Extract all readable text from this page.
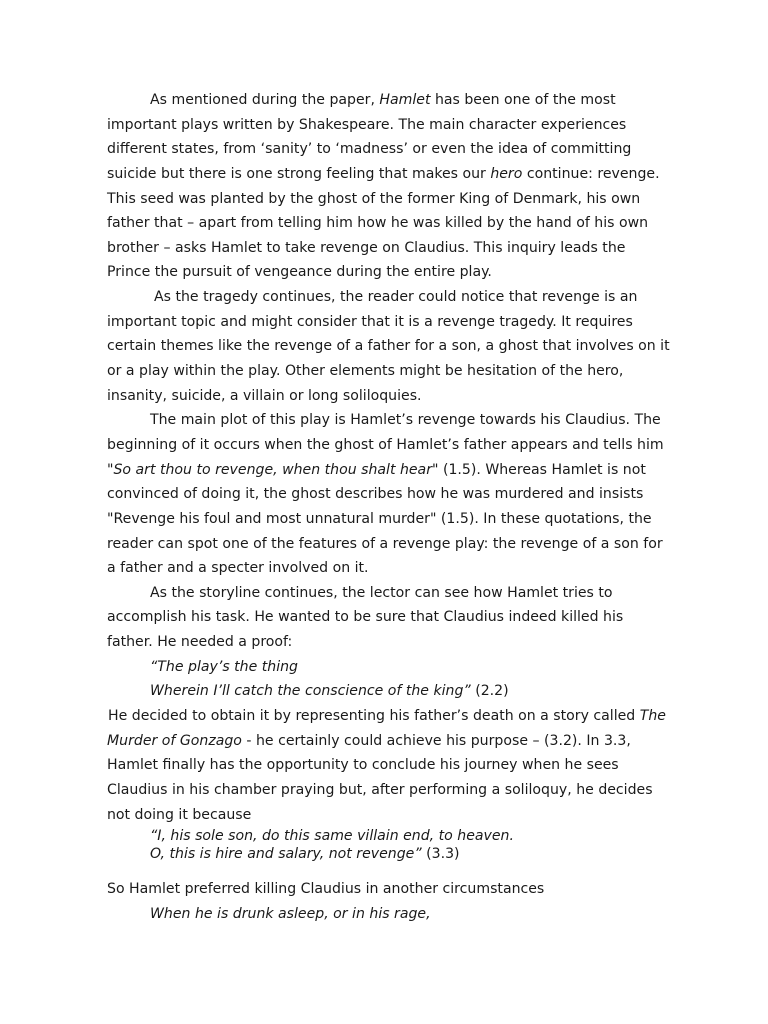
As mentioned during the paper, Hamlet has been one of the most
important plays written by Shakespeare. The main character experiences
different states, from ‘sanity’ to ‘madness’ or even the idea of committing
suicide but there is one strong feeling that makes our hero continue: revenge.
This seed was planted by the ghost of the former King of Denmark, his own
father that – apart from telling him how he was killed by the hand of his own
brother – asks Hamlet to take revenge on Claudius. This inquiry leads the
Prince the pursuit of vengeance during the entire play.
As the tragedy continues, the reader could notice that revenge is an
important topic and might consider that it is a revenge tragedy. It requires
certain themes like the revenge of a father for a son, a ghost that involves on it
or a play within the play. Other elements might be hesitation of the hero,
insanity, suicide, a villain or long soliloquies.
The main plot of this play is Hamlet’s revenge towards his Claudius. The
beginning of it occurs when the ghost of Hamlet’s father appears and tells him
"So art thou to revenge, when thou shalt hear" (1.5). Whereas Hamlet is not
convinced of doing it, the ghost describes how he was murdered and insists
"Revenge his foul and most unnatural murder" (1.5). In these quotations, the
reader can spot one of the features of a revenge play: the revenge of a son for
a father and a specter involved on it.
As the storyline continues, the lector can see how Hamlet tries to
accomplish his task. He wanted to be sure that Claudius indeed killed his
father. He needed a proof:
“The play’s the thing
Wherein I’ll catch the conscience of the king” (2.2)
He decided to obtain it by representing his father’s death on a story called The
Murder of Gonzago - he certainly could achieve his purpose – (3.2). In 3.3,
Hamlet finally has the opportunity to conclude his journey when he sees
Claudius in his chamber praying but, after performing a soliloquy, he decides
not doing it because
“I, his sole son, do this same villain end, to heaven.
O, this is hire and salary, not revenge” (3.3)
So Hamlet preferred killing Claudius in another circumstances
When he is drunk asleep, or in his rage,
